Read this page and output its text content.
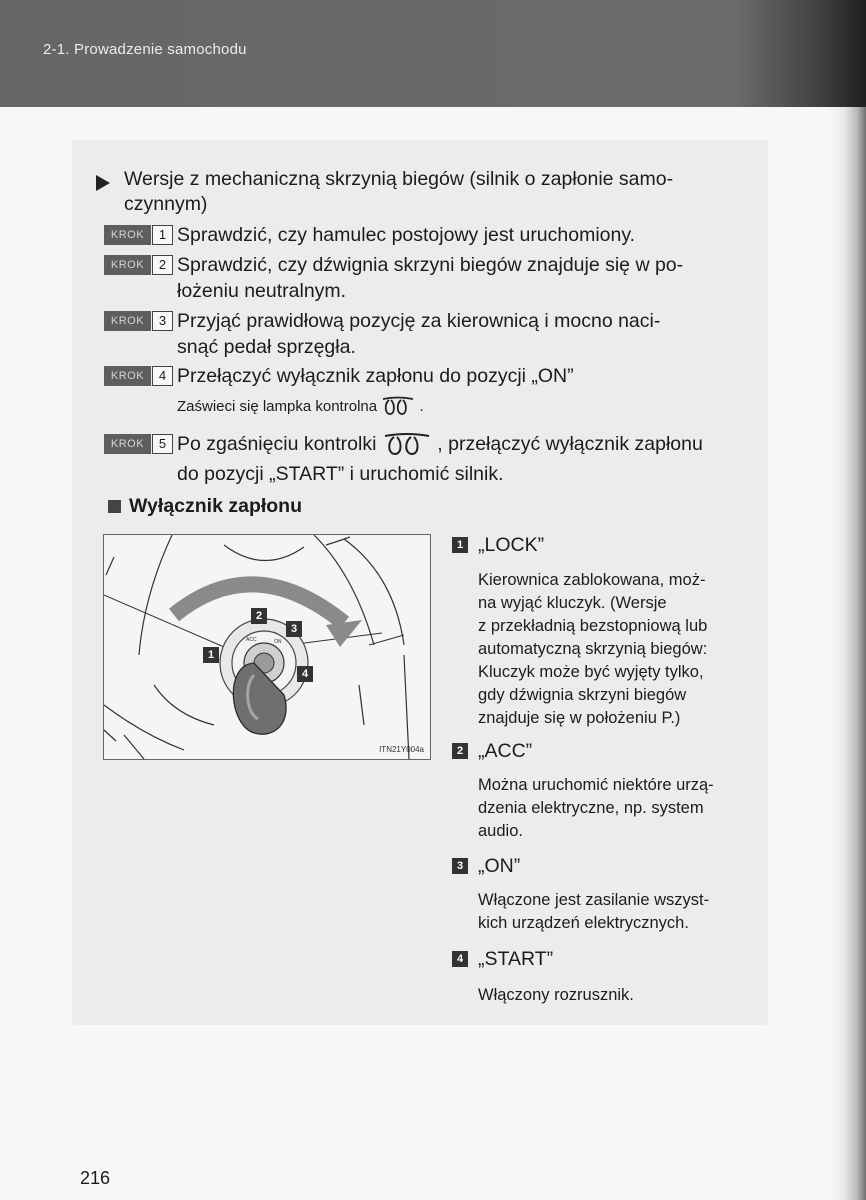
2-1. Prowadzenie samochodu
Wersje z mechaniczną skrzynią biegów (silnik o zapłonie samo-
czynnym)
KROK	1 Sprawdzić, czy hamulec postojowy jest uruchomiony.
KROK	2 Sprawdzić, czy dźwignia skrzyni biegów znajduje się w po-
łożeniu neutralnym.
KROK	3 Przyjąć prawidłową pozycję za kierownicą i mocno naci-
snąć pedał sprzęgła.
KROK	4 Przełączyć wyłącznik zapłonu do pozycji „ON”
Zaświeci się lampka kontrolna	.
KROK	5 Po zgaśnięciu kontrolki	, przełączyć wyłącznik zapłonu
do pozycji „START” i uruchomić silnik.
Wyłącznik zapłonu
ACC	ON
1
2
3
4
ITN21Y004a
1 „LOCK”
Kierownica zablokowana, moż-
na wyjąć kluczyk. (Wersje
z przekładnią bezstopniową lub
automatyczną skrzynią biegów:
Kluczyk może być wyjęty tylko,
gdy dźwignia skrzyni biegów
znajduje się w położeniu P.)
2 „ACC”
Można uruchomić niektóre urzą-
dzenia elektryczne, np. system
audio.
3 „ON”
Włączone jest zasilanie wszyst-
kich urządzeń elektrycznych.
4 „START”
Włączony rozrusznik.
216
